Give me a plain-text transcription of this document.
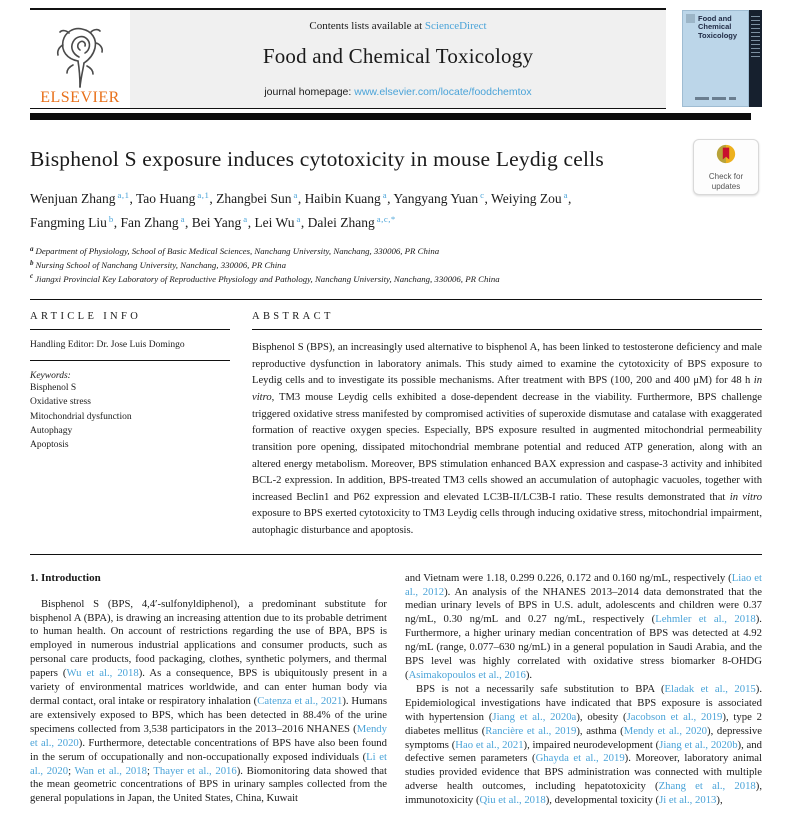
ELSEVIER
Contents lists available at ScienceDirect
Food and Chemical Toxicology
journal homepage: www.elsevier.com/locate/foodchemtox
Food and Chemical Toxicology
Bisphenol S exposure induces cytotoxicity in mouse Leydig cells
Check for updates
Wenjuan Zhang $^{a,1}$, Tao Huang $^{a,1}$, Zhangbei Sun $^a$, Haibin Kuang $^a$, Yangyang Yuan $^c$, Weiying Zou $^a$, Fangming Liu $^b$, Fan Zhang $^a$, Bei Yang $^a$, Lei Wu $^a$, Dalei Zhang $^{a,c,*}$
$^a$ Department of Physiology, School of Basic Medical Sciences, Nanchang University, Nanchang, 330006, PR China
$^b$ Nursing School of Nanchang University, Nanchang, 330006, PR China
$^c$ Jiangxi Provincial Key Laboratory of Reproductive Physiology and Pathology, Nanchang University, Nanchang, 330006, PR China
ARTICLE INFO
Handling Editor: Dr. Jose Luis Domingo
Keywords:
Bisphenol S
Oxidative stress
Mitochondrial dysfunction
Autophagy
Apoptosis
ABSTRACT
Bisphenol S (BPS), an increasingly used alternative to bisphenol A, has been linked to testosterone deficiency and male reproductive dysfunction in laboratory animals. This study aimed to examine the cytotoxicity of BPS exposure to Leydig cells and to investigate its possible mechanisms. After treatment with BPS (100, 200 and 400 μM) for 48 h in vitro, TM3 mouse Leydig cells exhibited a dose-dependent decrease in the viability. Furthermore, BPS challenge triggered oxidative stress manifested by compromised activities of superoxide dismutase and catalase with exaggerated formation of reactive oxygen species. Especially, BPS exposure resulted in augmented mitochondrial permeability transition pore opening, dissipated mitochondrial membrane potential and reduced ATP generation, along with an altered energy metabolism. Moreover, BPS stimulation enhanced BAX expression and caspase-3 activity and inhibited BCL-2 expression. In addition, BPS-treated TM3 cells showed an accumulation of autophagic vacuoles, together with increased Beclin1 and P62 expression and elevated LC3B-II/LC3B-I ratio. These results demonstrated that in vitro exposure to BPS exerted cytotoxicity to TM3 Leydig cells through inducing oxidative stress, mitochondrial impairment, autophagic disturbance and apoptosis.
1. Introduction

Bisphenol S (BPS, 4,4′-sulfonyldiphenol), a predominant substitute for bisphenol A (BPA), is drawing an increasing attention due to its probable detriment to human health. On account of restrictions regarding the use of BPA, BPS is employed in numerous industrial applications and consumer products, such as personal care products, food packaging, clothes, synthetic polymers, and thermal papers (Wu et al., 2018). As a consequence, BPS is ubiquitously present in a variety of environmental matrices worldwide, and can enter human body via dermal contact, oral intake or respiratory inhalation (Catenza et al., 2021). Humans are extensively exposed to BPS, which has been detected in 88.4% of the urine specimens collected from 3,538 participators in the 2013–2016 NHANES (Mendy et al., 2020). Furthermore, detectable concentrations of BPS have also been found in the serum of occupationally and non-occupationally exposed individuals (Li et al., 2020; Wan et al., 2018; Thayer et al., 2016). Biomonitoring data showed that the mean geometric concentrations of BPS in urinary samples collected from the general populations in Japan, the United States, China, Kuwait

and Vietnam were 1.18, 0.299 0.226, 0.172 and 0.160 ng/mL, respectively (Liao et al., 2012). An analysis of the NHANES 2013–2014 data demonstrated that the median urinary levels of BPS in U.S. adult, adolescents and children were 0.37 ng/mL, 0.30 ng/mL and 0.27 ng/mL, respectively (Lehmler et al., 2018). Furthermore, a higher urinary median concentration of BPS was detected at 4.92 ng/mL (range, 0.077–630 ng/mL) in a general population in Saudi Arabia, and the BPS level was highly correlated with oxidative stress biomarker 8-OHDG (Asimakopoulos et al., 2016).

BPS is not a necessarily safe substitution to BPA (Eladak et al., 2015). Epidemiological investigations have indicated that BPS exposure is associated with hypertension (Jiang et al., 2020a), obesity (Jacobson et al., 2019), type 2 diabetes mellitus (Rancière et al., 2019), asthma (Mendy et al., 2020), depressive symptoms (Hao et al., 2021), impaired neurodevelopment (Jiang et al., 2020b), and defective semen parameters (Ghayda et al., 2019). Moreover, laboratory animal studies provided evidence that BPS administration was connected with multiple adverse health outcomes, including hepatotoxicity (Zhang et al., 2018), immunotoxicity (Qiu et al., 2018), developmental toxicity (Ji et al., 2013),
